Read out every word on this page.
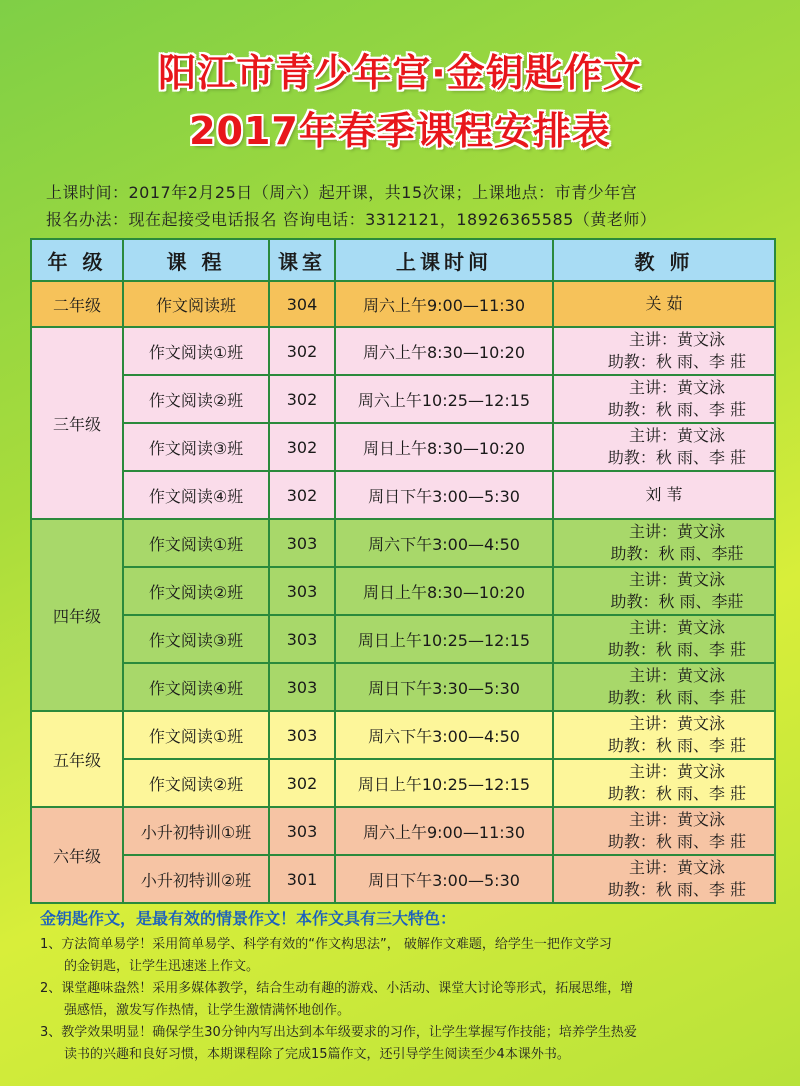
阳江市青少年宫·金钥匙作文
2017年春季课程安排表
上课时间：2017年2月25日（周六）起开课，共15次课；上课地点：市青少年宫
报名办法：现在起接受电话报名 咨询电话：3312121，18926365585（黄老师）
年 级	课 程	课室	上课时间	教 师
二年级	作文阅读班	304	周六上午9:00—11:30	关 茹

三年级	作文阅读①班	302	周六上午8:30—10:20	主讲：黄文泳
助教：秋 雨、李 莊

	作文阅读②班	302	周六上午10:25—12:15	主讲：黄文泳
助教：秋 雨、李 莊

	作文阅读③班	302	周日上午8:30—10:20	主讲：黄文泳
助教：秋 雨、李 莊

	作文阅读④班	302	周日下午3:00—5:30	刘 苇

四年级	作文阅读①班	303	周六下午3:00—4:50	主讲：黄文泳
助教：秋 雨、李莊

	作文阅读②班	303	周日上午8:30—10:20	主讲：黄文泳
助教：秋 雨、李莊

	作文阅读③班	303	周日上午10:25—12:15	主讲：黄文泳
助教：秋 雨、李 莊

	作文阅读④班	303	周日下午3:30—5:30	主讲：黄文泳
助教：秋 雨、李 莊

五年级	作文阅读①班	303	周六下午3:00—4:50	主讲：黄文泳
助教：秋 雨、李 莊

	作文阅读②班	302	周日上午10:25—12:15	主讲：黄文泳
助教：秋 雨、李 莊

六年级	小升初特训①班	303	周六上午9:00—11:30	主讲：黄文泳
助教：秋 雨、李 莊

	小升初特训②班	301	周日下午3:00—5:30	主讲：黄文泳
助教：秋 雨、李 莊
金钥匙作文，是最有效的情景作文！本作文具有三大特色：
1、方法简单易学！采用简单易学、科学有效的“作文构思法”， 破解作文难题，给学生一把作文学习
的金钥匙，让学生迅速迷上作文。
2、课堂趣味盎然！采用多媒体教学，结合生动有趣的游戏、小活动、课堂大讨论等形式，拓展思维，增
强感悟，激发写作热情，让学生激情满怀地创作。
3、教学效果明显！确保学生30分钟内写出达到本年级要求的习作，让学生掌握写作技能；培养学生热爱
读书的兴趣和良好习惯，本期课程除了完成15篇作文，还引导学生阅读至少4本课外书。
